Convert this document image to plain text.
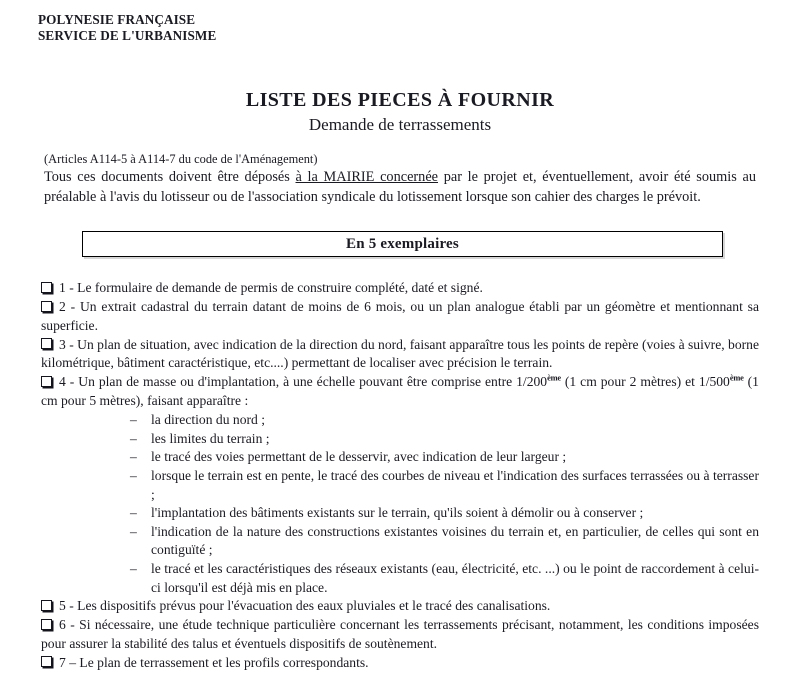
POLYNESIE FRANÇAISE
SERVICE DE L'URBANISME
LISTE DES PIECES À FOURNIR
Demande de terrassements
(Articles A114-5 à A114-7 du code de l'Aménagement)
Tous ces documents doivent être déposés à la MAIRIE concernée par le projet et, éventuellement, avoir été soumis au préalable à l'avis du lotisseur ou de l'association syndicale du lotissement lorsque son cahier des charges le prévoit.
En 5 exemplaires
1 - Le formulaire de demande de permis de construire complété, daté et signé.
2 - Un extrait cadastral du terrain datant de moins de 6 mois, ou un plan analogue établi par un géomètre et mentionnant sa superficie.
3 - Un plan de situation, avec indication de la direction du nord, faisant apparaître tous les points de repère (voies à suivre, borne kilométrique, bâtiment caractéristique, etc....) permettant de localiser avec précision le terrain.
4 - Un plan de masse ou d'implantation, à une échelle pouvant être comprise entre 1/200ème (1 cm pour 2 mètres) et 1/500ème (1 cm pour 5 mètres), faisant apparaître :
– la direction du nord ;
– les limites du terrain ;
– le tracé des voies permettant de le desservir, avec indication de leur largeur ;
– lorsque le terrain est en pente, le tracé des courbes de niveau et l'indication des surfaces terrassées ou à terrasser ;
– l'implantation des bâtiments existants sur le terrain, qu'ils soient à démolir ou à conserver ;
– l'indication de la nature des constructions existantes voisines du terrain et, en particulier, de celles qui sont en contiguïté ;
– le tracé et les caractéristiques des réseaux existants (eau, électricité, etc. ...) ou le point de raccordement à celui-ci lorsqu'il est déjà mis en place.
5 - Les dispositifs prévus pour l'évacuation des eaux pluviales et le tracé des canalisations.
6 - Si nécessaire, une étude technique particulière concernant les terrassements précisant, notamment, les conditions imposées pour assurer la stabilité des talus et éventuels dispositifs de soutènement.
7 – Le plan de terrassement et les profils correspondants.
